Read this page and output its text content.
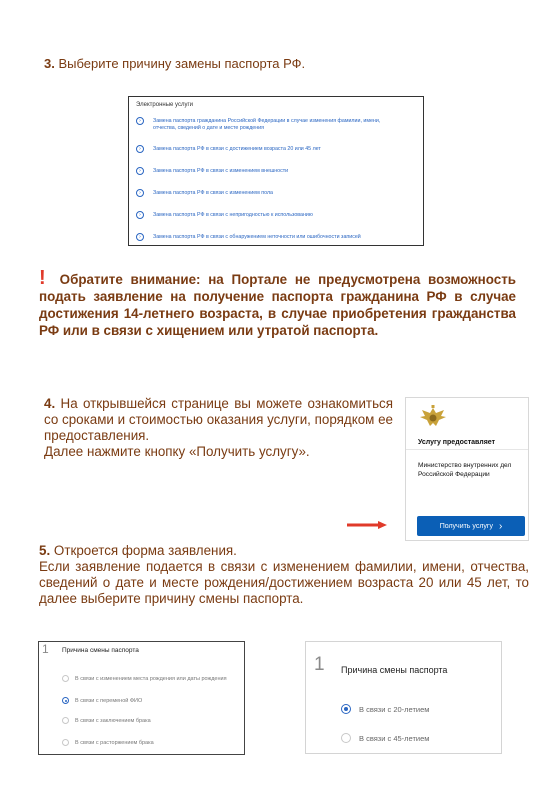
3. Выберите причину замены паспорта РФ.
Электронные услуги
›	Замена паспорта гражданина Российской Федерации в случае изменения фамилии, имени,
отчества, сведений о дате и месте рождения
›	Замена паспорта РФ в связи с достижением возраста 20 или 45 лет
›	Замена паспорта РФ в связи с изменением внешности
›	Замена паспорта РФ в связи с изменением пола
›	Замена паспорта РФ в связи с непригодностью к использованию
›	Замена паспорта РФ в связи с обнаружением неточности или ошибочности записей
! Обратите внимание: на Портале не предусмотрена возможность подать заявление на получение паспорта гражданина РФ в случае достижения 14-летнего возраста, в случае приобретения гражданства РФ или в связи с хищением или утратой паспорта.
4. На открывшейся странице вы можете ознакомиться со сроками и стоимостью оказания услуги, порядком ее предоставления.
Далее нажмите кнопку «Получить услугу».
Услугу предоставляет
Министерство внутренних дел
Российской Федерации
Получить услугу ›
5. Откроется форма заявления.
Если заявление подается в связи с изменением фамилии, имени, отчества, сведений о дате и месте рождения/достижением возраста 20 или 45 лет, то далее выберите причину смены паспорта.
1 Причина смены паспорта
В связи с изменением места рождения или даты рождения
В связи с переменой ФИО
В связи с заключением брака
В связи с расторжением брака
1 Причина смены паспорта
В связи с 20-летием
В связи с 45-летием
